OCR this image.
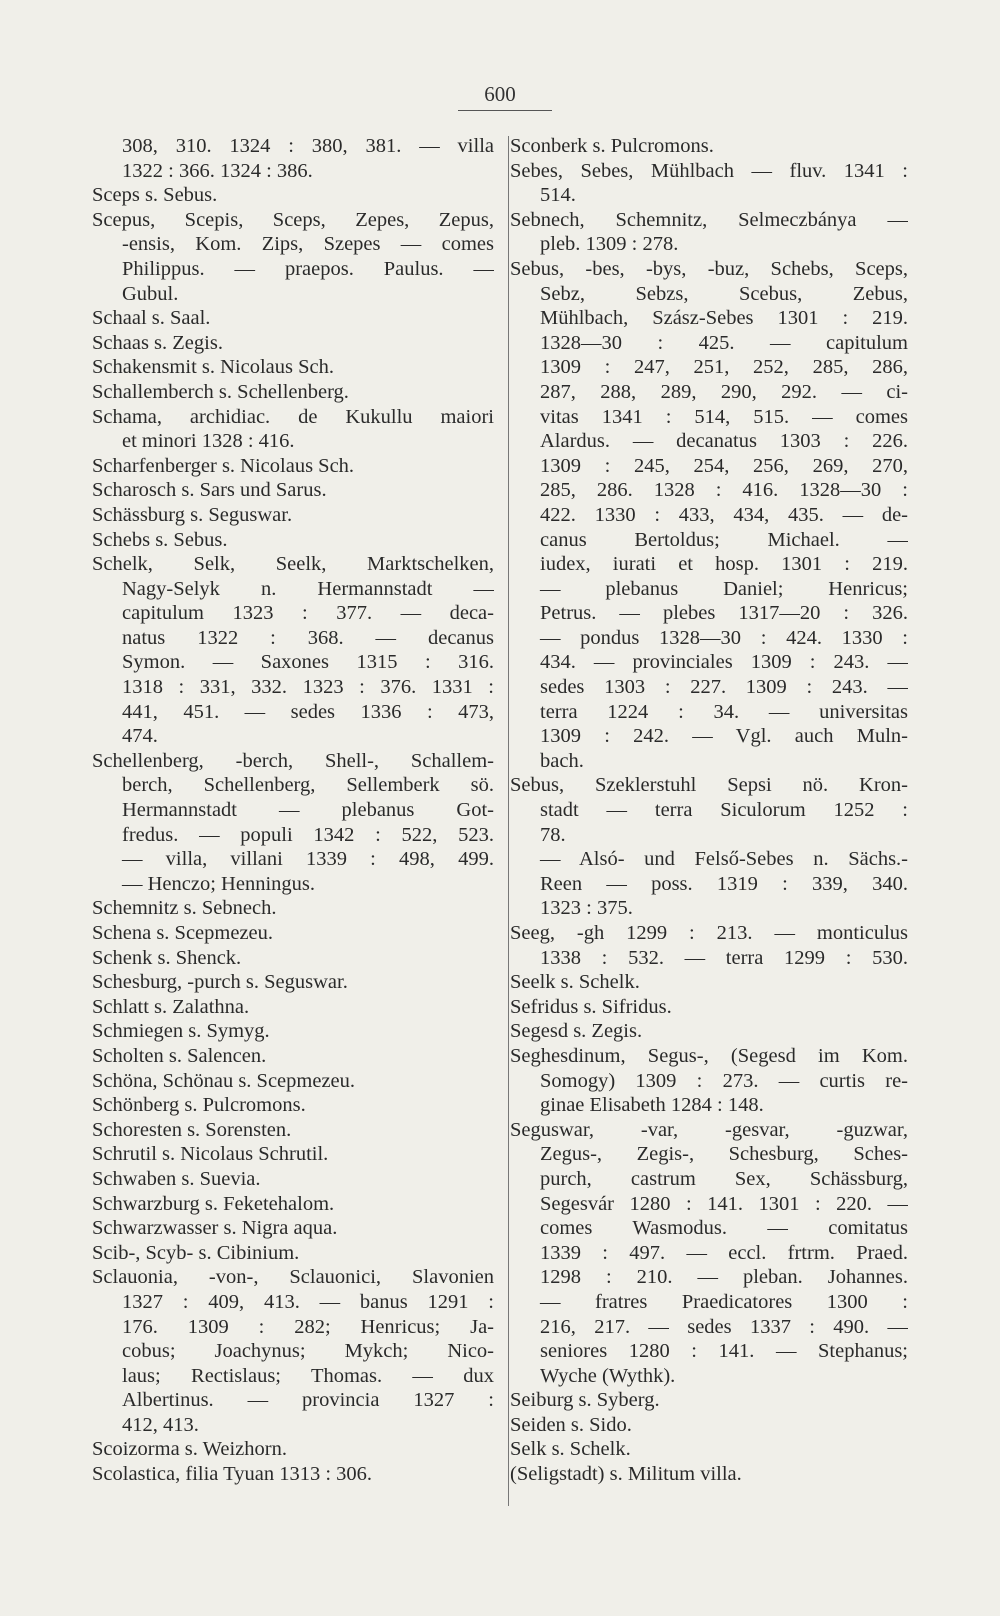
600
308, 310. 1324 : 380, 381. — villa
1322 : 366. 1324 : 386.
Sceps s. Sebus.
Scepus, Scepis, Sceps, Zepes, Zepus,
-ensis, Kom. Zips, Szepes — comes
Philippus. — praepos. Paulus. —
Gubul.
Schaal s. Saal.
Schaas s. Zegis.
Schakensmit s. Nicolaus Sch.
Schallemberch s. Schellenberg.
Schama, archidiac. de Kukullu maiori
et minori 1328 : 416.
Scharfenberger s. Nicolaus Sch.
Scharosch s. Sars und Sarus.
Schässburg s. Seguswar.
Schebs s. Sebus.
Schelk, Selk, Seelk, Marktschelken,
Nagy-Selyk n. Hermannstadt —
capitulum 1323 : 377. — deca-
natus 1322 : 368. — decanus
Symon. — Saxones 1315 : 316.
1318 : 331, 332. 1323 : 376. 1331 :
441, 451. — sedes 1336 : 473,
474.
Schellenberg, -berch, Shell-, Schallem-
berch, Schellenberg, Sellemberk sö.
Hermannstadt — plebanus Got-
fredus. — populi 1342 : 522, 523.
— villa, villani 1339 : 498, 499.
— Henczo; Henningus.
Schemnitz s. Sebnech.
Schena s. Scepmezeu.
Schenk s. Shenck.
Schesburg, -purch s. Seguswar.
Schlatt s. Zalathna.
Schmiegen s. Symyg.
Scholten s. Salencen.
Schöna, Schönau s. Scepmezeu.
Schönberg s. Pulcromons.
Schoresten s. Sorensten.
Schrutil s. Nicolaus Schrutil.
Schwaben s. Suevia.
Schwarzburg s. Feketehalom.
Schwarzwasser s. Nigra aqua.
Scib-, Scyb- s. Cibinium.
Sclauonia, -von-, Sclauonici, Slavonien
1327 : 409, 413. — banus 1291 :
176. 1309 : 282; Henricus; Ja-
cobus; Joachynus; Mykch; Nico-
laus; Rectislaus; Thomas. — dux
Albertinus. — provincia 1327 :
412, 413.
Scoizorma s. Weizhorn.
Scolastica, filia Tyuan 1313 : 306.
Sconberk s. Pulcromons.
Sebes, Sebes, Mühlbach — fluv. 1341 :
514.
Sebnech, Schemnitz, Selmeczbánya —
pleb. 1309 : 278.
Sebus, -bes, -bys, -buz, Schebs, Sceps,
Sebz, Sebzs, Scebus, Zebus,
Mühlbach, Szász-Sebes 1301 : 219.
1328—30 : 425. — capitulum
1309 : 247, 251, 252, 285, 286,
287, 288, 289, 290, 292. — ci-
vitas 1341 : 514, 515. — comes
Alardus. — decanatus 1303 : 226.
1309 : 245, 254, 256, 269, 270,
285, 286. 1328 : 416. 1328—30 :
422. 1330 : 433, 434, 435. — de-
canus Bertoldus; Michael. —
iudex, iurati et hosp. 1301 : 219.
— plebanus Daniel; Henricus;
Petrus. — plebes 1317—20 : 326.
— pondus 1328—30 : 424. 1330 :
434. — provinciales 1309 : 243. —
sedes 1303 : 227. 1309 : 243. —
terra 1224 : 34. — universitas
1309 : 242. — Vgl. auch Muln-
bach.
Sebus, Szeklerstuhl Sepsi nö. Kron-
stadt — terra Siculorum 1252 :
78.
— Alsó- und Felső-Sebes n. Sächs.-
Reen — poss. 1319 : 339, 340.
1323 : 375.
Seeg, -gh 1299 : 213. — monticulus
1338 : 532. — terra 1299 : 530.
Seelk s. Schelk.
Sefridus s. Sifridus.
Segesd s. Zegis.
Seghesdinum, Segus-, (Segesd im Kom.
Somogy) 1309 : 273. — curtis re-
ginae Elisabeth 1284 : 148.
Seguswar, -var, -gesvar, -guzwar,
Zegus-, Zegis-, Schesburg, Sches-
purch, castrum Sex, Schässburg,
Segesvár 1280 : 141. 1301 : 220. —
comes Wasmodus. — comitatus
1339 : 497. — eccl. frtrm. Praed.
1298 : 210. — pleban. Johannes.
— fratres Praedicatores 1300 :
216, 217. — sedes 1337 : 490. —
seniores 1280 : 141. — Stephanus;
Wyche (Wythk).
Seiburg s. Syberg.
Seiden s. Sido.
Selk s. Schelk.
(Seligstadt) s. Militum villa.
